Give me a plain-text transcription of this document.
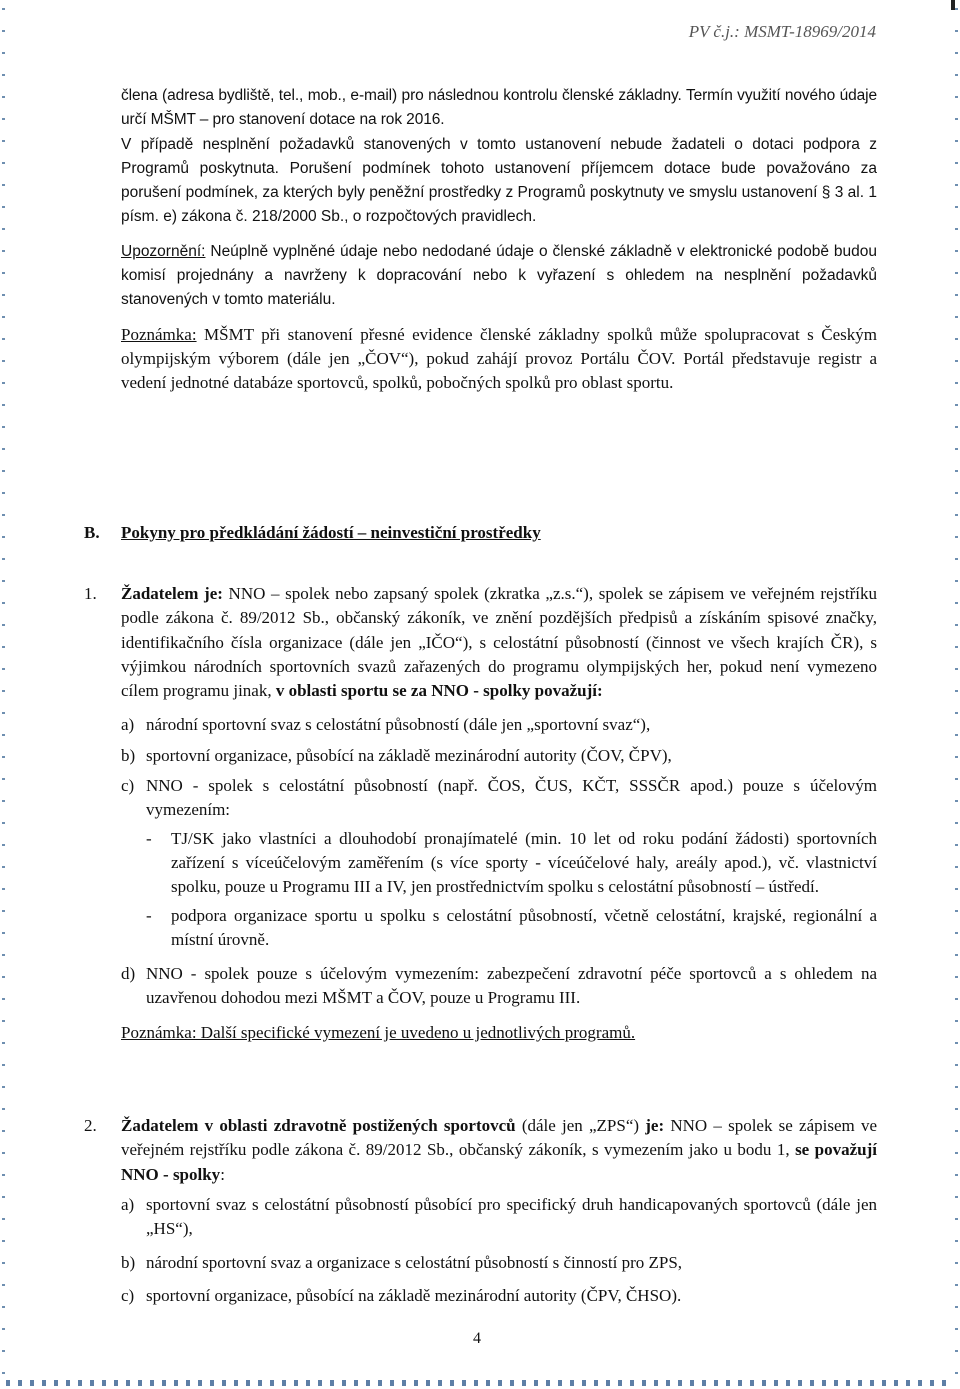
PV č.j.: MSMT-18969/2014

člena (adresa bydliště, tel., mob., e-mail) pro následnou kontrolu členské základny. Termín využití nového údaje určí MŠMT – pro stanovení dotace na rok 2016.

V případě nesplnění požadavků stanovených v tomto ustanovení nebude žadateli o dotaci podpora z Programů poskytnuta. Porušení podmínek tohoto ustanovení příjemcem dotace bude považováno za porušení podmínek, za kterých byly peněžní prostředky z Programů poskytnuty ve smyslu ustanovení § 3 al. 1 písm. e) zákona č. 218/2000 Sb., o rozpočtových pravidlech.

Upozornění: Neúplně vyplněné údaje nebo nedodané údaje o členské základně v elektronické podobě budou komisí projednány a navrženy k dopracování nebo k vyřazení s ohledem na nesplnění požadavků stanovených v tomto materiálu.

Poznámka: MŠMT při stanovení přesné evidence členské základny spolků může spolupracovat s Českým olympijským výborem (dále jen „ČOV“), pokud zahájí provoz Portálu ČOV. Portál představuje registr a vedení jednotné databáze sportovců, spolků, pobočných spolků pro oblast sportu.

B. Pokyny pro předkládání žádostí – neinvestiční prostředky
1. Žadatelem je: NNO – spolek nebo zapsaný spolek (zkratka „z.s.“), spolek se zápisem ve veřejném rejstříku podle zákona č. 89/2012 Sb., občanský zákoník, ve znění pozdějších předpisů a získáním spisové značky, identifikačního čísla organizace (dále jen „IČO“), s celostátní působností (činnost ve všech krajích ČR), s výjimkou národních sportovních svazů zařazených do programu olympijských her, pokud není vymezeno cílem programu jinak, v oblasti sportu se za NNO - spolky považují:
a) národní sportovní svaz s celostátní působností (dále jen „sportovní svaz“),
b) sportovní organizace, působící na základě mezinárodní autority (ČOV, ČPV),
c) NNO - spolek s celostátní působností (např. ČOS, ČUS, KČT, SSSČR apod.) pouze s účelovým vymezením:
- TJ/SK jako vlastníci a dlouhodobí pronajímatelé (min. 10 let od roku podání žádosti) sportovních zařízení s víceúčelovým zaměřením (s více sporty - víceúčelové haly, areály apod.), vč. vlastnictví spolku, pouze u Programu III a IV, jen prostřednictvím spolku s celostátní působností – ústředí.
- podpora organizace sportu u spolku s celostátní působností, včetně celostátní, krajské, regionální a místní úrovně.
d) NNO - spolek pouze s účelovým vymezením: zabezpečení zdravotní péče sportovců a s ohledem na uzavřenou dohodou mezi MŠMT a ČOV, pouze u Programu III.
Poznámka: Další specifické vymezení je uvedeno u jednotlivých programů.
2. Žadatelem v oblasti zdravotně postižených sportovců (dále jen „ZPS“) je: NNO – spolek se zápisem ve veřejném rejstříku podle zákona č. 89/2012 Sb., občanský zákoník, s vymezením jako u bodu 1, se považují NNO - spolky:
a) sportovní svaz s celostátní působností působící pro specifický druh handicapovaných sportovců (dále jen „HS“),
b) národní sportovní svaz a organizace s celostátní působností s činností pro ZPS,
c) sportovní organizace, působící na základě mezinárodní autority (ČPV, ČHSO).
4
